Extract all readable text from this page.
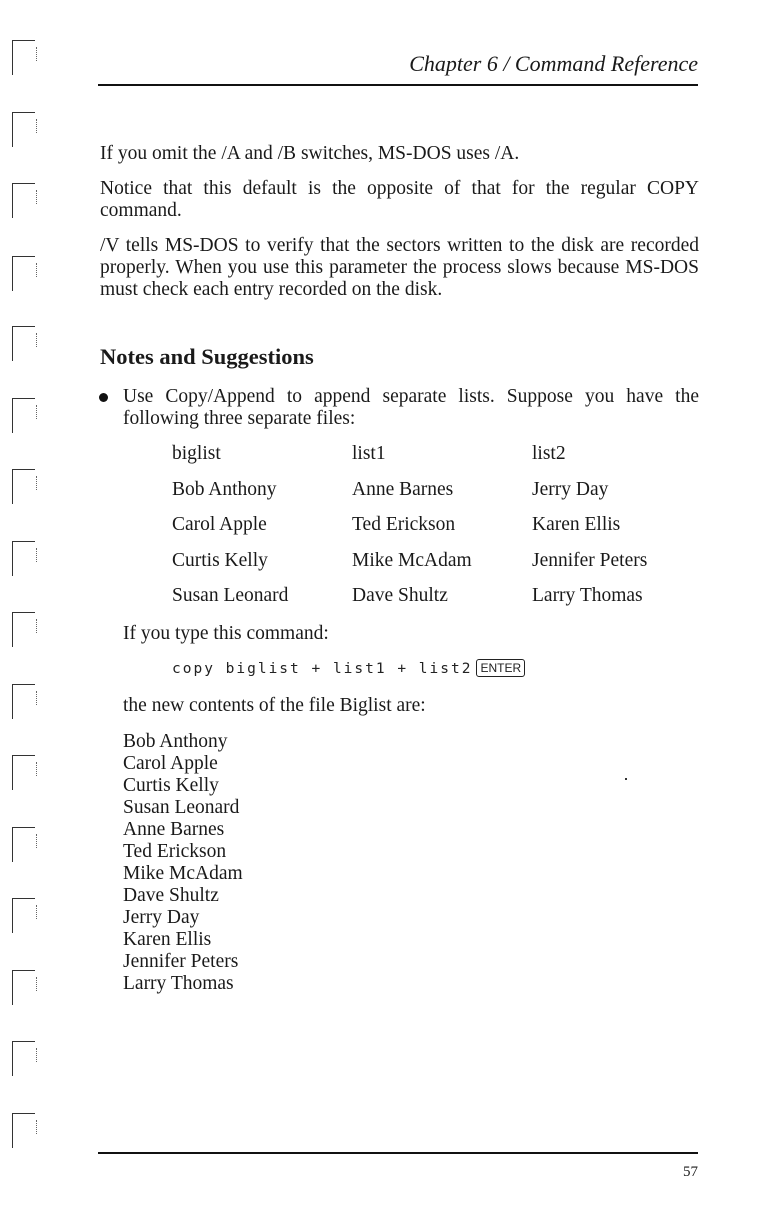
Chapter 6 / Command Reference

If you omit the /A and /B switches, MS-DOS uses /A.

Notice that this default is the opposite of that for the regular COPY command.

/V tells MS-DOS to verify that the sectors written to the disk are recorded properly. When you use this parameter the process slows because MS-DOS must check each entry recorded on the disk.

Notes and Suggestions

Use Copy/Append to append separate lists. Suppose you have the following three separate files:

biglist	list1	list2
Bob Anthony	Anne Barnes	Jerry Day
Carol Apple	Ted Erickson	Karen Ellis
Curtis Kelly	Mike McAdam	Jennifer Peters
Susan Leonard	Dave Shultz	Larry Thomas

If you type this command:

copy biglist + list1 + list2 ENTER

the new contents of the file Biglist are:

Bob Anthony
Carol Apple
Curtis Kelly
Susan Leonard
Anne Barnes
Ted Erickson
Mike McAdam
Dave Shultz
Jerry Day
Karen Ellis
Jennifer Peters
Larry Thomas
57
